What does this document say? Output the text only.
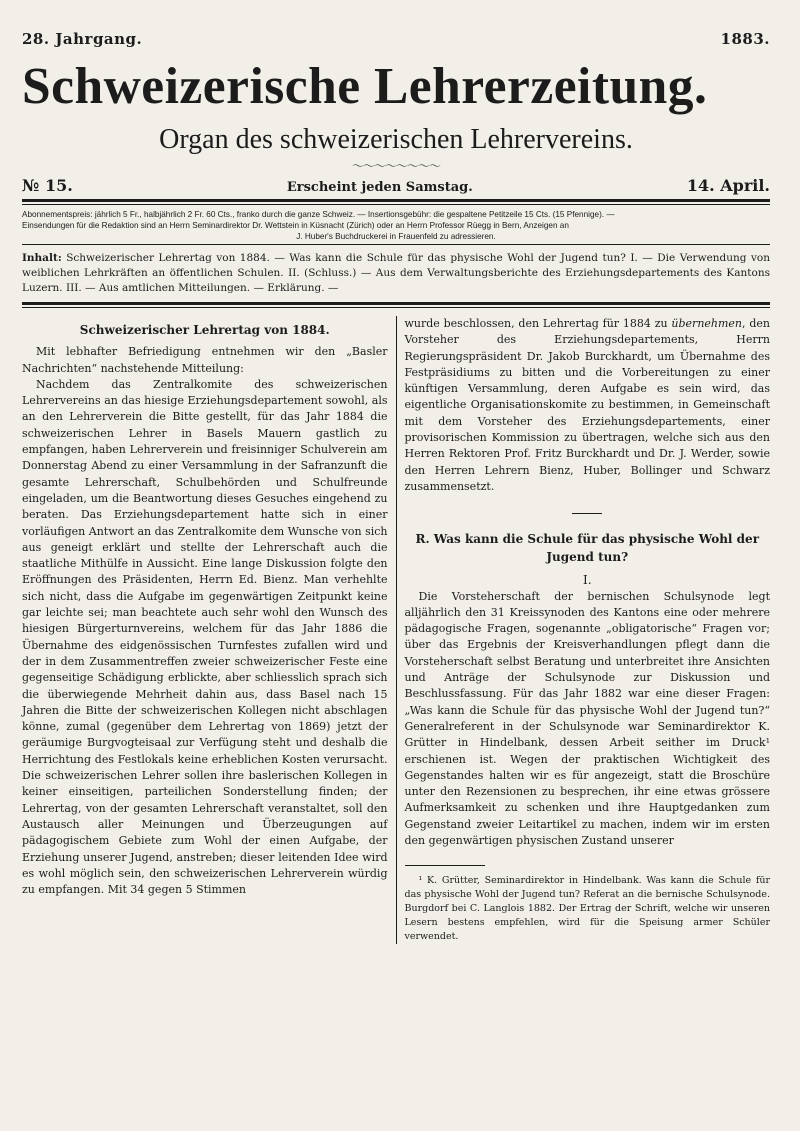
28. Jahrgang.	1883.
Schweizerische Lehrerzeitung.
Organ des schweizerischen Lehrervereins.
〜〜〜〜〜〜〜〜
№ 15.	Erscheint jeden Samstag.	14. April.
Abonnementspreis: jährlich 5 Fr., halbjährlich 2 Fr. 60 Cts., franko durch die ganze Schweiz. — Insertionsgebühr: die gespaltene Petitzeile 15 Cts. (15 Pfennige). —
Einsendungen für die Redaktion sind an Herrn Seminardirektor Dr. Wettstein in Küsnacht (Zürich) oder an Herrn Professor Rüegg in Bern, Anzeigen an
J. Huber's Buchdruckerei in Frauenfeld zu adressieren.
Inhalt: Schweizerischer Lehrertag von 1884. — Was kann die Schule für das physische Wohl der Jugend tun? I. — Die Verwendung von weiblichen Lehrkräften an öffentlichen Schulen. II. (Schluss.) — Aus dem Verwaltungsberichte des Erziehungsdepartements des Kantons Luzern. III. — Aus amtlichen Mitteilungen. — Erklärung. —
Schweizerischer Lehrertag von 1884.

Mit lebhafter Befriedigung entnehmen wir den „Basler Nachrichten“ nachstehende Mitteilung:

Nachdem das Zentralkomite des schweizerischen Lehrervereins an das hiesige Erziehungsdepartement sowohl, als an den Lehrerverein die Bitte gestellt, für das Jahr 1884 die schweizerischen Lehrer in Basels Mauern gastlich zu empfangen, haben Lehrerverein und freisinniger Schulverein am Donnerstag Abend zu einer Versammlung in der Safranzunft die gesamte Lehrerschaft, Schulbehörden und Schulfreunde eingeladen, um die Beantwortung dieses Gesuches eingehend zu beraten. Das Erziehungsdepartement hatte sich in einer vorläufigen Antwort an das Zentralkomite dem Wunsche von sich aus geneigt erklärt und stellte der Lehrerschaft auch die staatliche Mithülfe in Aussicht. Eine lange Diskussion folgte den Eröffnungen des Präsidenten, Herrn Ed. Bienz. Man verhehlte sich nicht, dass die Aufgabe im gegenwärtigen Zeitpunkt keine gar leichte sei; man beachtete auch sehr wohl den Wunsch des hiesigen Bürgerturnvereins, welchem für das Jahr 1886 die Übernahme des eidgenössischen Turnfestes zufallen wird und der in dem Zusammentreffen zweier schweizerischer Feste eine gegenseitige Schädigung erblickte, aber schliesslich sprach sich die überwiegende Mehrheit dahin aus, dass Basel nach 15 Jahren die Bitte der schweizerischen Kollegen nicht abschlagen könne, zumal (gegenüber dem Lehrertag von 1869) jetzt der geräumige Burgvogteisaal zur Verfügung steht und deshalb die Herrichtung des Festlokals keine erheblichen Kosten verursacht. Die schweizerischen Lehrer sollen ihre baslerischen Kollegen in keiner einseitigen, parteilichen Sonderstellung finden; der Lehrertag, von der gesamten Lehrerschaft veranstaltet, soll den Austausch aller Meinungen und Überzeugungen auf pädagogischem Gebiete zum Wohl der einen Aufgabe, der Erziehung unserer Jugend, anstreben; dieser leitenden Idee wird es wohl möglich sein, den schweizerischen Lehrerverein würdig zu empfangen. Mit 34 gegen 5 Stimmen

wurde beschlossen, den Lehrertag für 1884 zu übernehmen, den Vorsteher des Erziehungsdepartements, Herrn Regierungspräsident Dr. Jakob Burckhardt, um Übernahme des Festpräsidiums zu bitten und die Vorbereitungen zu einer künftigen Versammlung, deren Aufgabe es sein wird, das eigentliche Organisationskomite zu bestimmen, in Gemeinschaft mit dem Vorsteher des Erziehungsdepartements, einer provisorischen Kommission zu übertragen, welche sich aus den Herren Rektoren Prof. Fritz Burckhardt und Dr. J. Werder, sowie den Herren Lehrern Bienz, Huber, Bollinger und Schwarz zusammensetzt.

R. Was kann die Schule für das physische Wohl der Jugend tun?
I.

Die Vorsteherschaft der bernischen Schulsynode legt alljährlich den 31 Kreissynoden des Kantons eine oder mehrere pädagogische Fragen, sogenannte „obligatorische“ Fragen vor; über das Ergebnis der Kreisverhandlungen pflegt dann die Vorsteherschaft selbst Beratung und unterbreitet ihre Ansichten und Anträge der Schulsynode zur Diskussion und Beschlussfassung. Für das Jahr 1882 war eine dieser Fragen: „Was kann die Schule für das physische Wohl der Jugend tun?“ Generalreferent in der Schulsynode war Seminardirektor K. Grütter in Hindelbank, dessen Arbeit seither im Druck¹ erschienen ist. Wegen der praktischen Wichtigkeit des Gegenstandes halten wir es für angezeigt, statt die Broschüre unter den Rezensionen zu besprechen, ihr eine etwas grössere Aufmerksamkeit zu schenken und ihre Hauptgedanken zum Gegenstand zweier Leitartikel zu machen, indem wir im ersten den gegenwärtigen physischen Zustand unserer

¹ K. Grütter, Seminardirektor in Hindelbank. Was kann die Schule für das physische Wohl der Jugend tun? Referat an die bernische Schulsynode. Burgdorf bei C. Langlois 1882. Der Ertrag der Schrift, welche wir unseren Lesern bestens empfehlen, wird für die Speisung armer Schüler verwendet.
